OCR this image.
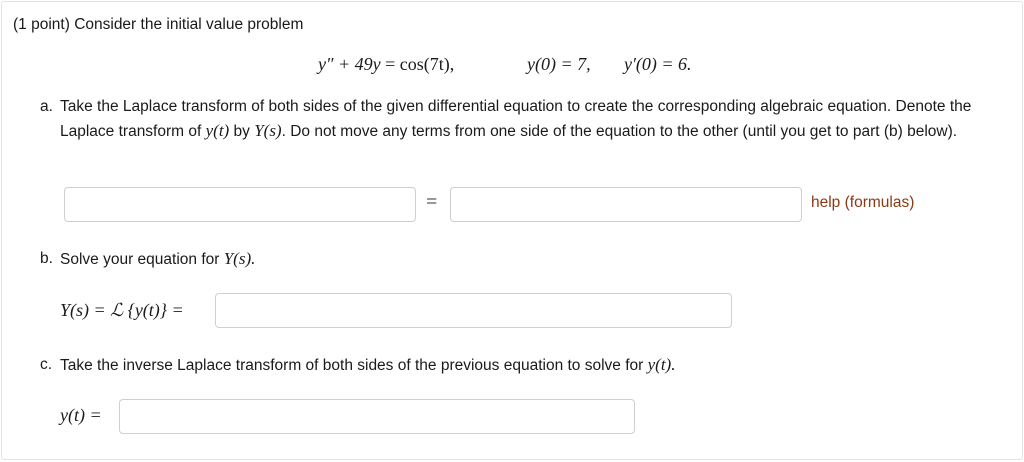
(1 point) Consider the initial value problem
y″ + 49y = cos(7t),	y(0) = 7, y′(0) = 6.
a. Take the Laplace transform of both sides of the given differential equation to create the corresponding algebraic equation. Denote the Laplace transform of y(t) by Y(s). Do not move any terms from one side of the equation to the other (until you get to part (b) below).
=	help (formulas)
b. Solve your equation for Y(s).
Y(s) = ℒ {y(t)} =
c. Take the inverse Laplace transform of both sides of the previous equation to solve for y(t).
y(t) =
